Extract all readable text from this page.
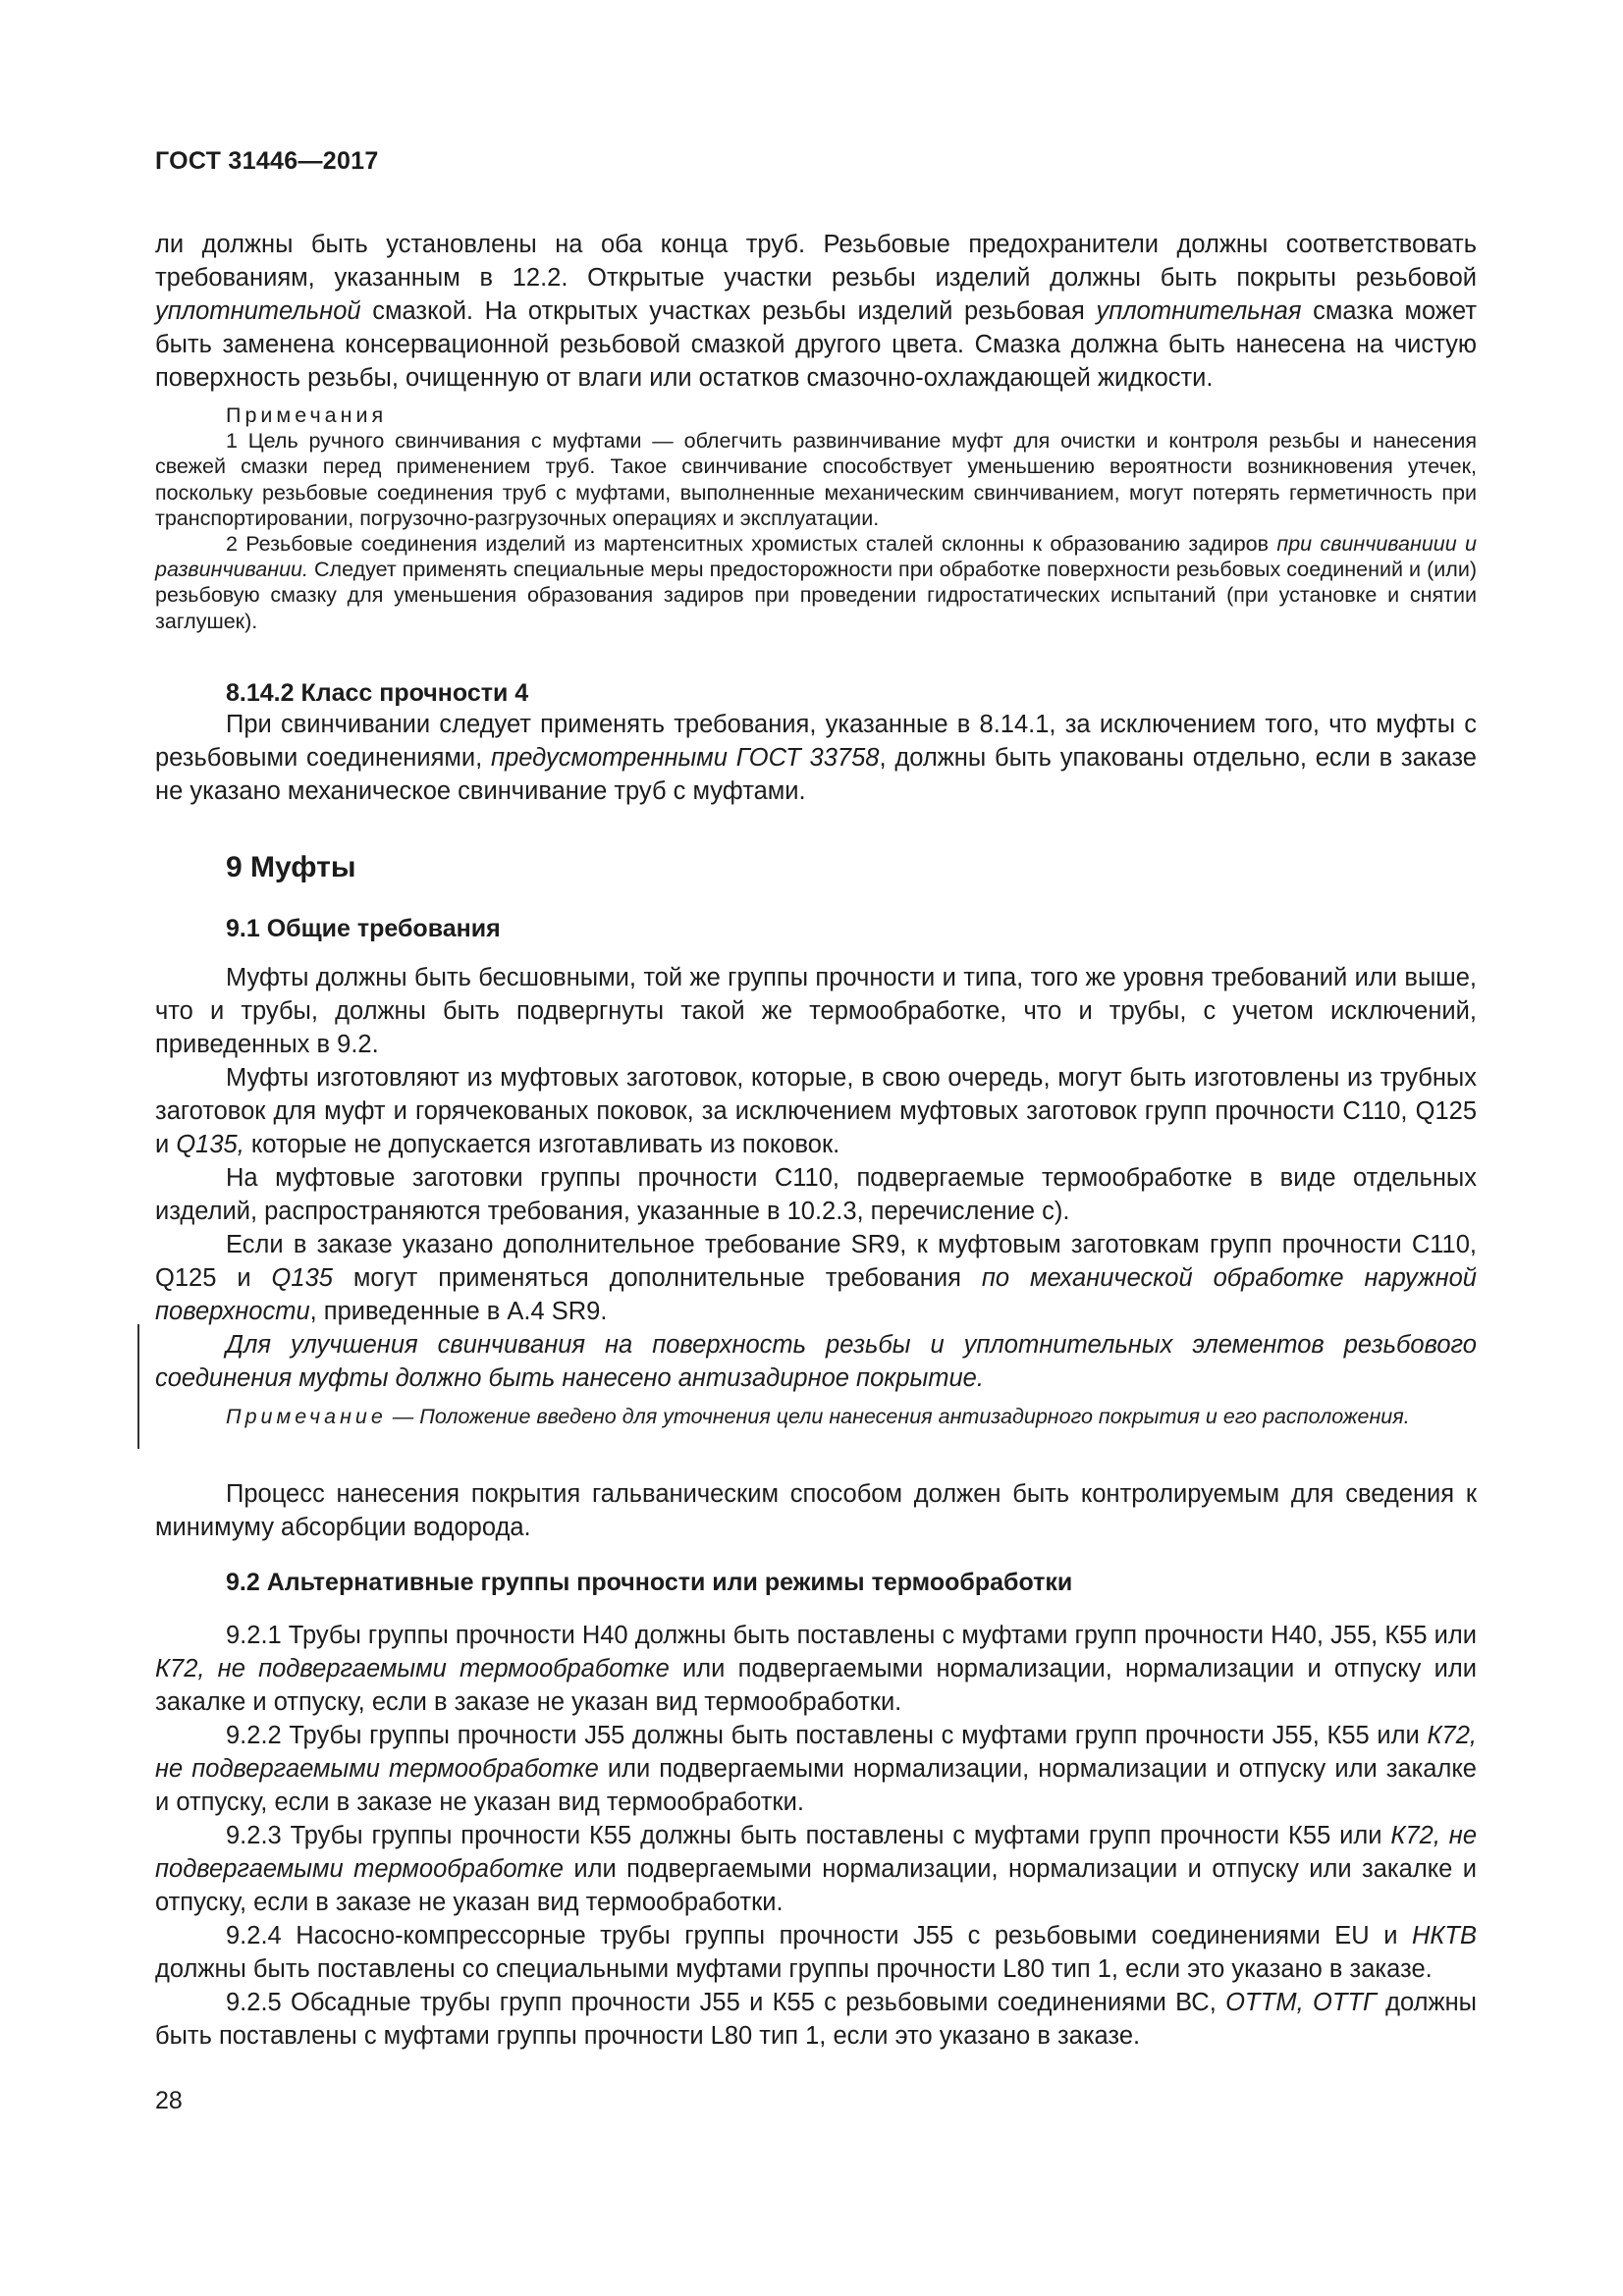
ГОСТ 31446—2017

ли должны быть установлены на оба конца труб. Резьбовые предохранители должны соответствовать требованиям, указанным в 12.2. Открытые участки резьбы изделий должны быть покрыты резьбовой уплотнительной смазкой. На открытых участках резьбы изделий резьбовая уплотнительная смазка может быть заменена консервационной резьбовой смазкой другого цвета. Смазка должна быть нанесена на чистую поверхность резьбы, очищенную от влаги или остатков смазочно-охлаждающей жидкости.

Примечания

1 Цель ручного свинчивания с муфтами — облегчить развинчивание муфт для очистки и контроля резьбы и нанесения свежей смазки перед применением труб. Такое свинчивание способствует уменьшению вероятности возникновения утечек, поскольку резьбовые соединения труб с муфтами, выполненные механическим свинчиванием, могут потерять герметичность при транспортировании, погрузочно-разгрузочных операциях и эксплуатации.

2 Резьбовые соединения изделий из мартенситных хромистых сталей склонны к образованию задиров при свинчиваниии и развинчивании. Следует применять специальные меры предосторожности при обработке поверхности резьбовых соединений и (или) резьбовую смазку для уменьшения образования задиров при проведении гидростатических испытаний (при установке и снятии заглушек).

8.14.2 Класс прочности 4

При свинчивании следует применять требования, указанные в 8.14.1, за исключением того, что муфты с резьбовыми соединениями, предусмотренными ГОСТ 33758, должны быть упакованы отдельно, если в заказе не указано механическое свинчивание труб с муфтами.

9 Муфты

9.1 Общие требования

Муфты должны быть бесшовными, той же группы прочности и типа, того же уровня требований или выше, что и трубы, должны быть подвергнуты такой же термообработке, что и трубы, с учетом исключений, приведенных в 9.2.

Муфты изготовляют из муфтовых заготовок, которые, в свою очередь, могут быть изготовлены из трубных заготовок для муфт и горячекованых поковок, за исключением муфтовых заготовок групп прочности С110, Q125 и Q135, которые не допускается изготавливать из поковок.

На муфтовые заготовки группы прочности С110, подвергаемые термообработке в виде отдельных изделий, распространяются требования, указанные в 10.2.3, перечисление с).

Если в заказе указано дополнительное требование SR9, к муфтовым заготовкам групп прочности С110, Q125 и Q135 могут применяться дополнительные требования по механической обработке наружной поверхности, приведенные в А.4 SR9.

Для улучшения свинчивания на поверхность резьбы и уплотнительных элементов резьбового соединения муфты должно быть нанесено антизадирное покрытие.

Примечание — Положение введено для уточнения цели нанесения антизадирного покрытия и его расположения.

Процесс нанесения покрытия гальваническим способом должен быть контролируемым для сведения к минимуму абсорбции водорода.

9.2 Альтернативные группы прочности или режимы термообработки

9.2.1 Трубы группы прочности Н40 должны быть поставлены с муфтами групп прочности Н40, J55, К55 или К72, не подвергаемыми термообработке или подвергаемыми нормализации, нормализации и отпуску или закалке и отпуску, если в заказе не указан вид термообработки.

9.2.2 Трубы группы прочности J55 должны быть поставлены с муфтами групп прочности J55, К55 или К72, не подвергаемыми термообработке или подвергаемыми нормализации, нормализации и отпуску или закалке и отпуску, если в заказе не указан вид термообработки.

9.2.3 Трубы группы прочности К55 должны быть поставлены с муфтами групп прочности К55 или К72, не подвергаемыми термообработке или подвергаемыми нормализации, нормализации и отпуску или закалке и отпуску, если в заказе не указан вид термообработки.

9.2.4 Насосно-компрессорные трубы группы прочности J55 с резьбовыми соединениями EU и НКТВ должны быть поставлены со специальными муфтами группы прочности L80 тип 1, если это указано в заказе.

9.2.5 Обсадные трубы групп прочности J55 и К55 с резьбовыми соединениями ВС, ОТТМ, ОТТГ должны быть поставлены с муфтами группы прочности L80 тип 1, если это указано в заказе.

28
